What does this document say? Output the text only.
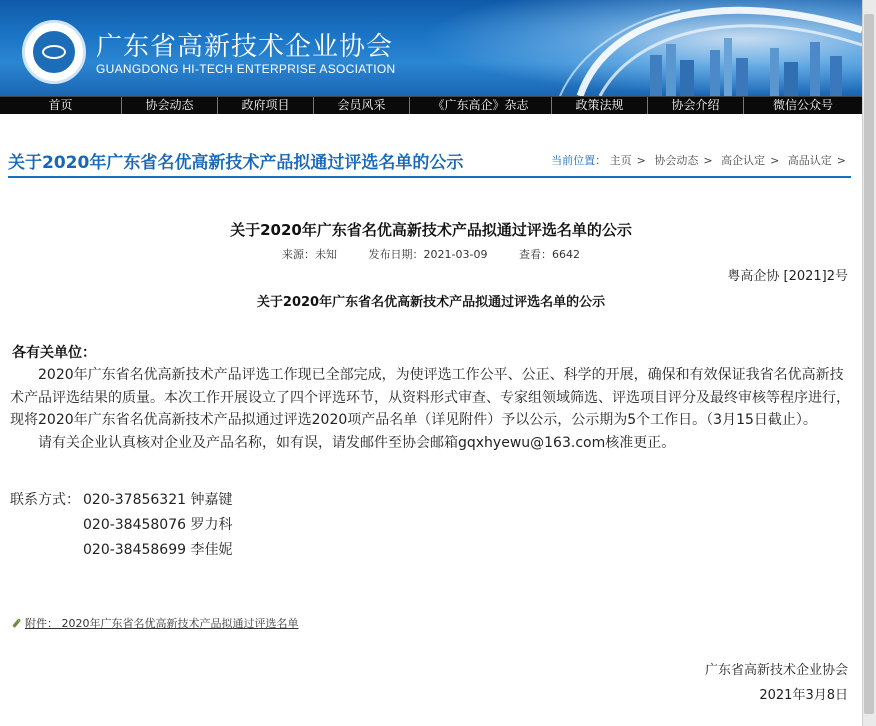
广东省高新技术企业协会
GUANGDONG HI-TECH ENTERPRISE ASOCIATION
首页	协会动态	政府项目	会员风采	《广东高企》杂志	政策法规	协会介绍	微信公众号
关于2020年广东省名优高新技术产品拟通过评选名单的公示	当前位置： 主页 > 协会动态 > 高企认定 > 高品认定 >
关于2020年广东省名优高新技术产品拟通过评选名单的公示
来源：未知	发布日期：2021-03-09	查看：6642
粤高企协 [2021]2号
关于2020年广东省名优高新技术产品拟通过评选名单的公示
各有关单位：

2020年广东省名优高新技术产品评选工作现已全部完成，为使评选工作公平、公正、科学的开展，确保和有效保证我省名优高新技术产品评选结果的质量。本次工作开展设立了四个评选环节，从资料形式审查、专家组领域筛选、评选项目评分及最终审核等程序进行，现将2020年广东省名优高新技术产品拟通过评选2020项产品名单（详见附件）予以公示，公示期为5个工作日。（3月15日截止）。

请有关企业认真核对企业及产品名称，如有误，请发邮件至协会邮箱gqxhyewu@163.com核准更正。

联系方式： 020-37856321 钟嘉键
020-38458076 罗力科
020-38458699 李佳妮
附件： 2020年广东省名优高新技术产品拟通过评选名单
广东省高新技术企业协会
2021年3月8日
